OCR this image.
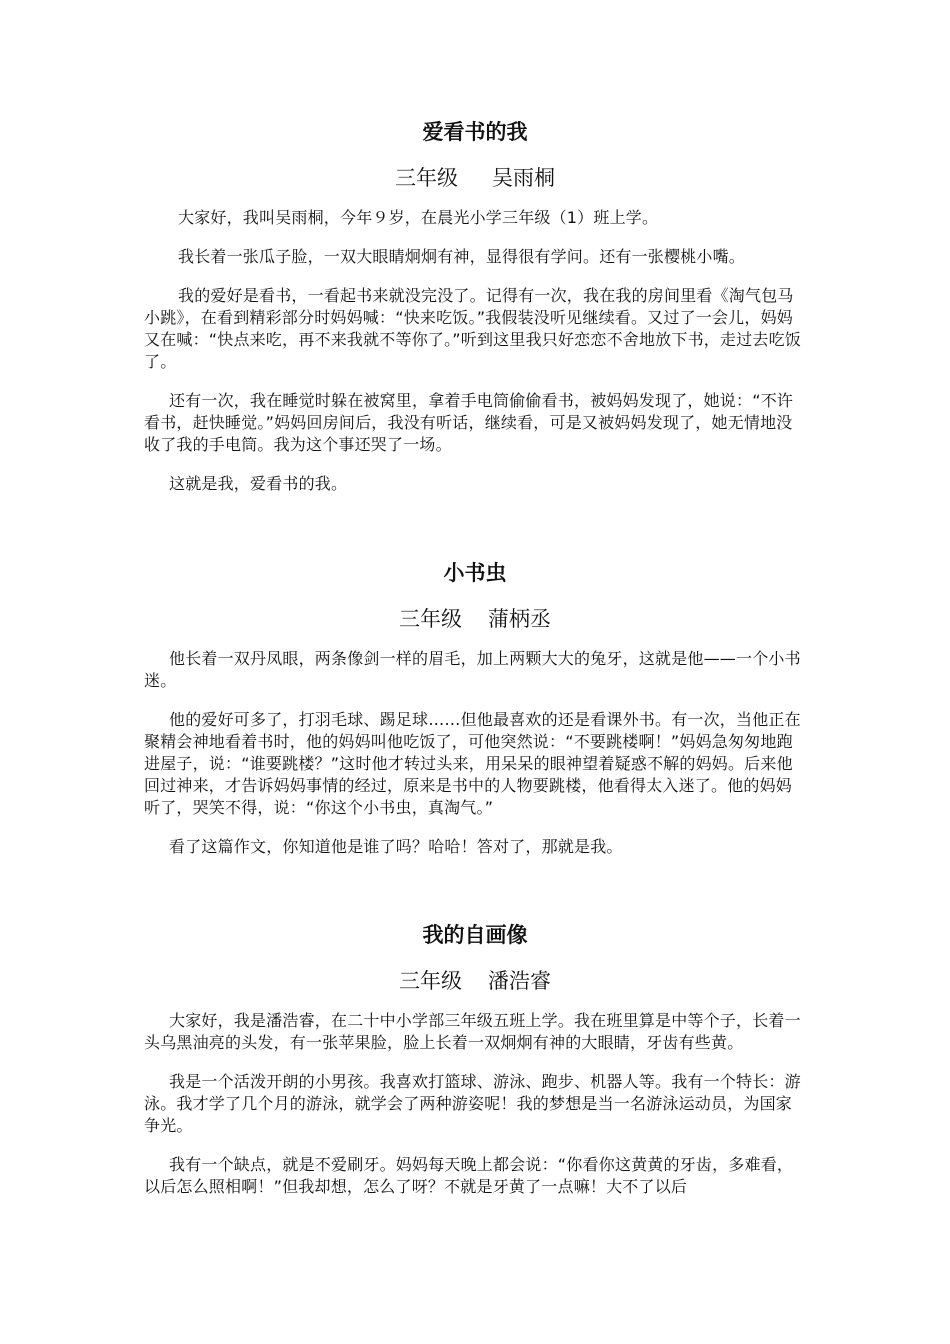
爱看书的我
三年级 吴雨桐

大家好，我叫吴雨桐，今年９岁，在晨光小学三年级（1）班上学。

我长着一张瓜子脸，一双大眼睛炯炯有神，显得很有学问。还有一张樱桃小嘴。

我的爱好是看书，一看起书来就没完没了。记得有一次，我在我的房间里看《淘气包马小跳》，在看到精彩部分时妈妈喊：“快来吃饭。”我假装没听见继续看。又过了一会儿，妈妈又在喊：“快点来吃，再不来我就不等你了。”听到这里我只好恋恋不舍地放下书，走过去吃饭了。

还有一次，我在睡觉时躲在被窝里，拿着手电筒偷偷看书，被妈妈发现了，她说：“不许看书，赶快睡觉。”妈妈回房间后，我没有听话，继续看，可是又被妈妈发现了，她无情地没收了我的手电筒。我为这个事还哭了一场。

这就是我，爱看书的我。

小书虫
三年级 蒲柄丞

他长着一双丹凤眼，两条像剑一样的眉毛，加上两颗大大的兔牙，这就是他——一个小书迷。

他的爱好可多了，打羽毛球、踢足球……但他最喜欢的还是看课外书。有一次，当他正在聚精会神地看着书时，他的妈妈叫他吃饭了，可他突然说：“不要跳楼啊！”妈妈急匆匆地跑进屋子，说：“谁要跳楼？”这时他才转过头来，用呆呆的眼神望着疑惑不解的妈妈。后来他回过神来，才告诉妈妈事情的经过，原来是书中的人物要跳楼，他看得太入迷了。他的妈妈听了，哭笑不得，说：“你这个小书虫，真淘气。”

看了这篇作文，你知道他是谁了吗？哈哈！答对了，那就是我。

我的自画像
三年级 潘浩睿

大家好，我是潘浩睿，在二十中小学部三年级五班上学。我在班里算是中等个子，长着一头乌黑油亮的头发，有一张苹果脸，脸上长着一双炯炯有神的大眼睛，牙齿有些黄。

我是一个活泼开朗的小男孩。我喜欢打篮球、游泳、跑步、机器人等。我有一个特长：游泳。我才学了几个月的游泳，就学会了两种游姿呢！我的梦想是当一名游泳运动员，为国家争光。

我有一个缺点，就是不爱刷牙。妈妈每天晚上都会说：“你看你这黄黄的牙齿，多难看，以后怎么照相啊！”但我却想，怎么了呀？不就是牙黄了一点嘛！大不了以后
